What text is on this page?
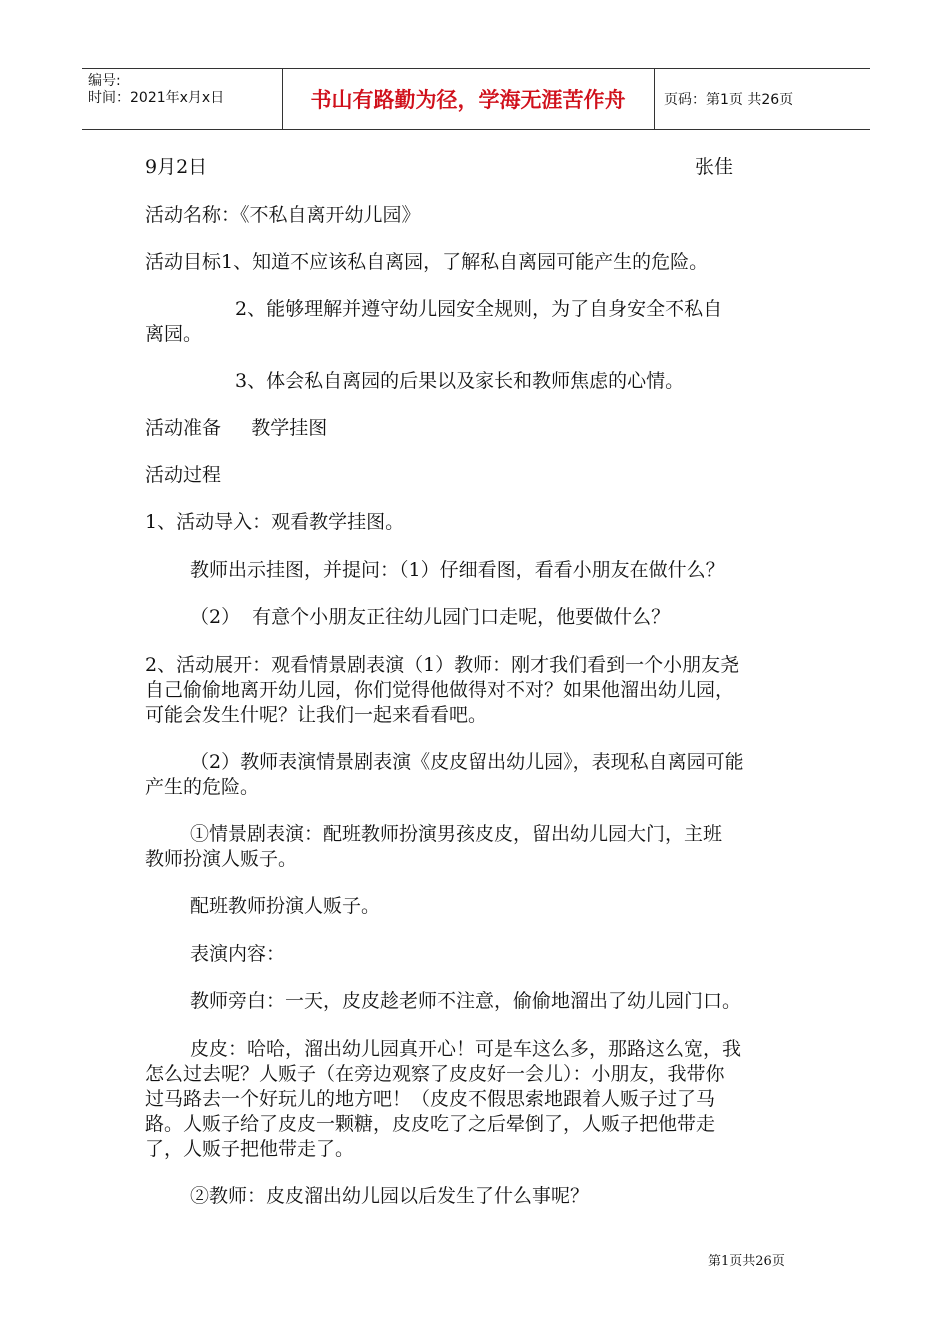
编号:
时间：2021年x月x日	书山有路勤为径，学海无涯苦作舟	页码：第1页 共26页
9月2日	张佳
活动名称：《不私自离开幼儿园》
活动目标1、知道不应该私自离园，了解私自离园可能产生的危险。
2、能够理解并遵守幼儿园安全规则，为了自身安全不私自
离园。
3、体会私自离园的后果以及家长和教师焦虑的心情。
活动准备     教学挂图
活动过程
1、活动导入：观看教学挂图。
教师出示挂图，并提问：（1）仔细看图，看看小朋友在做什么？
（2）  有意个小朋友正往幼儿园门口走呢，他要做什么？
2、活动展开：观看情景剧表演（1）教师：刚才我们看到一个小朋友尧
自己偷偷地离开幼儿园，你们觉得他做得对不对？如果他溜出幼儿园，
可能会发生什呢？让我们一起来看看吧。
（2）教师表演情景剧表演《皮皮留出幼儿园》，表现私自离园可能
产生的危险。
①情景剧表演：配班教师扮演男孩皮皮，留出幼儿园大门，主班
教师扮演人贩子。
配班教师扮演人贩子。
表演内容：
教师旁白：一天，皮皮趁老师不注意，偷偷地溜出了幼儿园门口。
皮皮：哈哈，溜出幼儿园真开心！可是车这么多，那路这么宽，我
怎么过去呢？人贩子（在旁边观察了皮皮好一会儿）：小朋友，我带你
过马路去一个好玩儿的地方吧！（皮皮不假思索地跟着人贩子过了马
路。人贩子给了皮皮一颗糖，皮皮吃了之后晕倒了，人贩子把他带走
了，人贩子把他带走了。
②教师：皮皮溜出幼儿园以后发生了什么事呢？
第1页共26页
